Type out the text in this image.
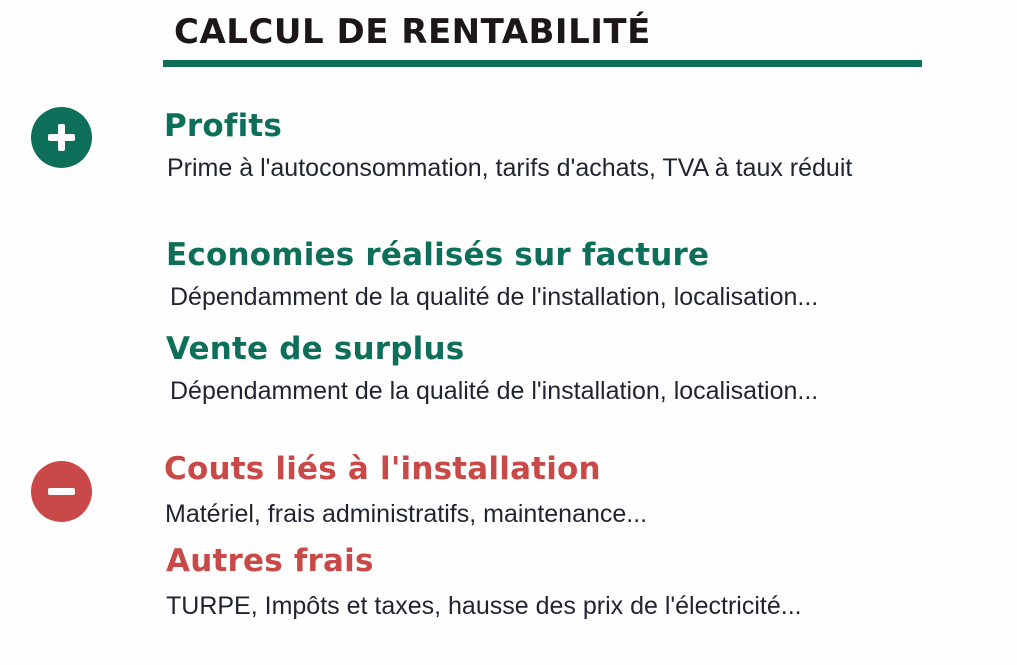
CALCUL DE RENTABILITÉ
Profits

Prime à l'autoconsommation, tarifs d'achats, TVA à taux réduit

Economies réalisés sur facture

Dépendamment de la qualité de l'installation, localisation...

Vente de surplus

Dépendamment de la qualité de l'installation, localisation...

Couts liés à l'installation

Matériel, frais administratifs, maintenance...

Autres frais

TURPE, Impôts et taxes, hausse des prix de l'électricité...
